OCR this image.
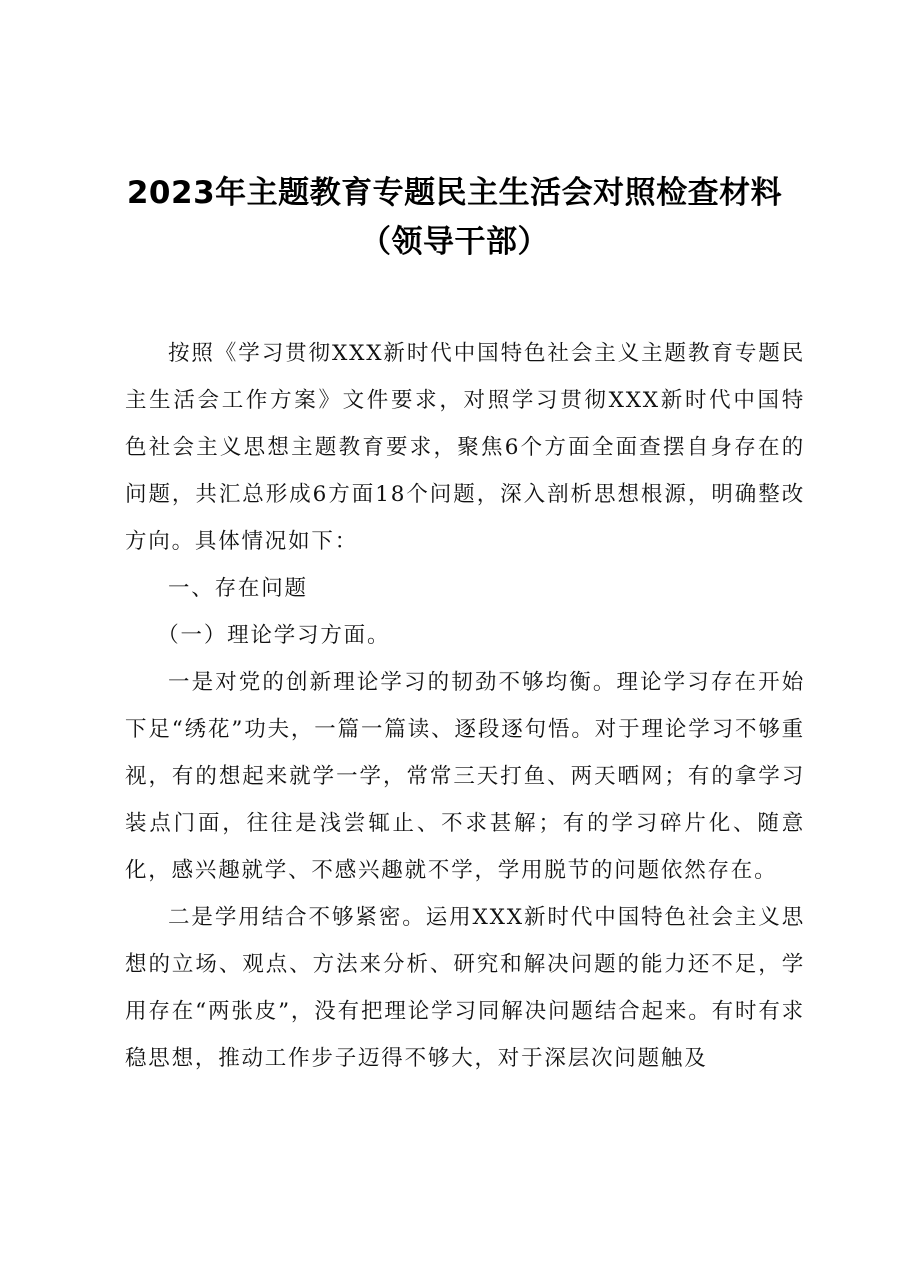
2023年主题教育专题民主生活会对照检查材料
（领导干部）

按照《学习贯彻XXX新时代中国特色社会主义主题教育专题民主生活会工作方案》文件要求，对照学习贯彻XXX新时代中国特色社会主义思想主题教育要求，聚焦6个方面全面查摆自身存在的问题，共汇总形成6方面18个问题，深入剖析思想根源，明确整改方向。具体情况如下：

一、存在问题

（一）理论学习方面。

一是对党的创新理论学习的韧劲不够均衡。理论学习存在开始下足“绣花”功夫，一篇一篇读、逐段逐句悟。对于理论学习不够重视，有的想起来就学一学，常常三天打鱼、两天晒网；有的拿学习装点门面，往往是浅尝辄止、不求甚解；有的学习碎片化、随意化，感兴趣就学、不感兴趣就不学，学用脱节的问题依然存在。

二是学用结合不够紧密。运用XXX新时代中国特色社会主义思想的立场、观点、方法来分析、研究和解决问题的能力还不足，学用存在“两张皮”，没有把理论学习同解决问题结合起来。有时有求稳思想，推动工作步子迈得不够大，对于深层次问题触及
